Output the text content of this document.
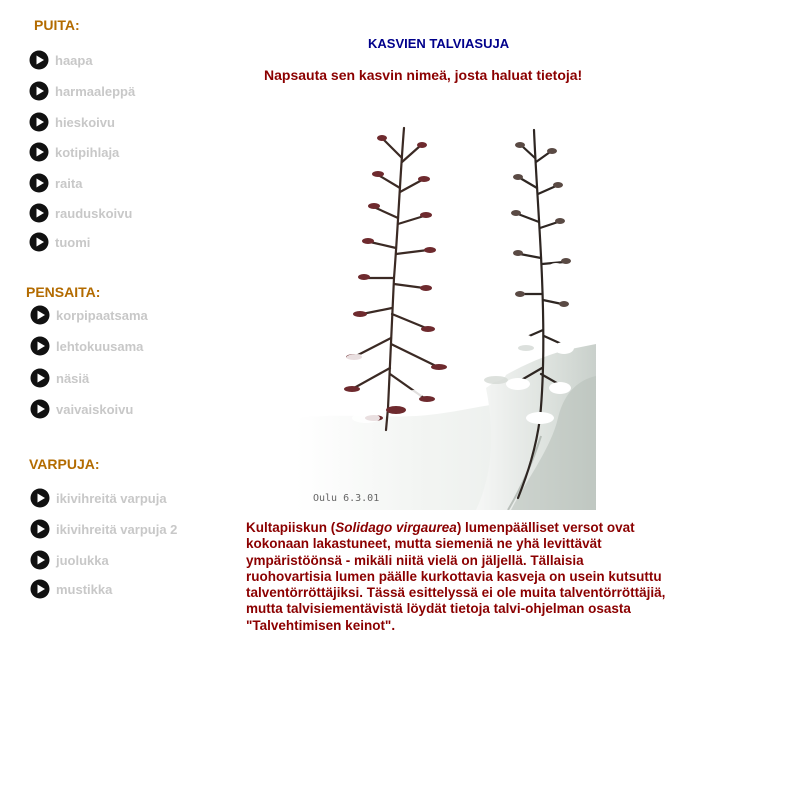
PUITA:
haapa
harmaaleppä
hieskoivu
kotipihlaja
raita
rauduskoivu
tuomi
PENSAITA:
korpipaatsama
lehtokuusama
näsiä
vaivaiskoivu
VARPUJA:
ikivihreitä varpuja
ikivihreitä varpuja 2
juolukka
mustikka
KASVIEN TALVIASUJA
Napsauta sen kasvin nimeä, josta haluat tietoja!
Oulu 6.3.01
Kultapiiskun (Solidago virgaurea) lumenpäälliset versot ovat kokonaan lakastuneet, mutta siemeniä ne yhä levittävät ympäristöönsä - mikäli niitä vielä on jäljellä. Tällaisia ruohovartisia lumen päälle kurkottavia kasveja on usein kutsuttu talventörröttäjiksi. Tässä esittelyssä ei ole muita talventörröttäjiä, mutta talvisiementävistä löydät tietoja talvi-ohjelman osasta "Talvehtimisen keinot".
